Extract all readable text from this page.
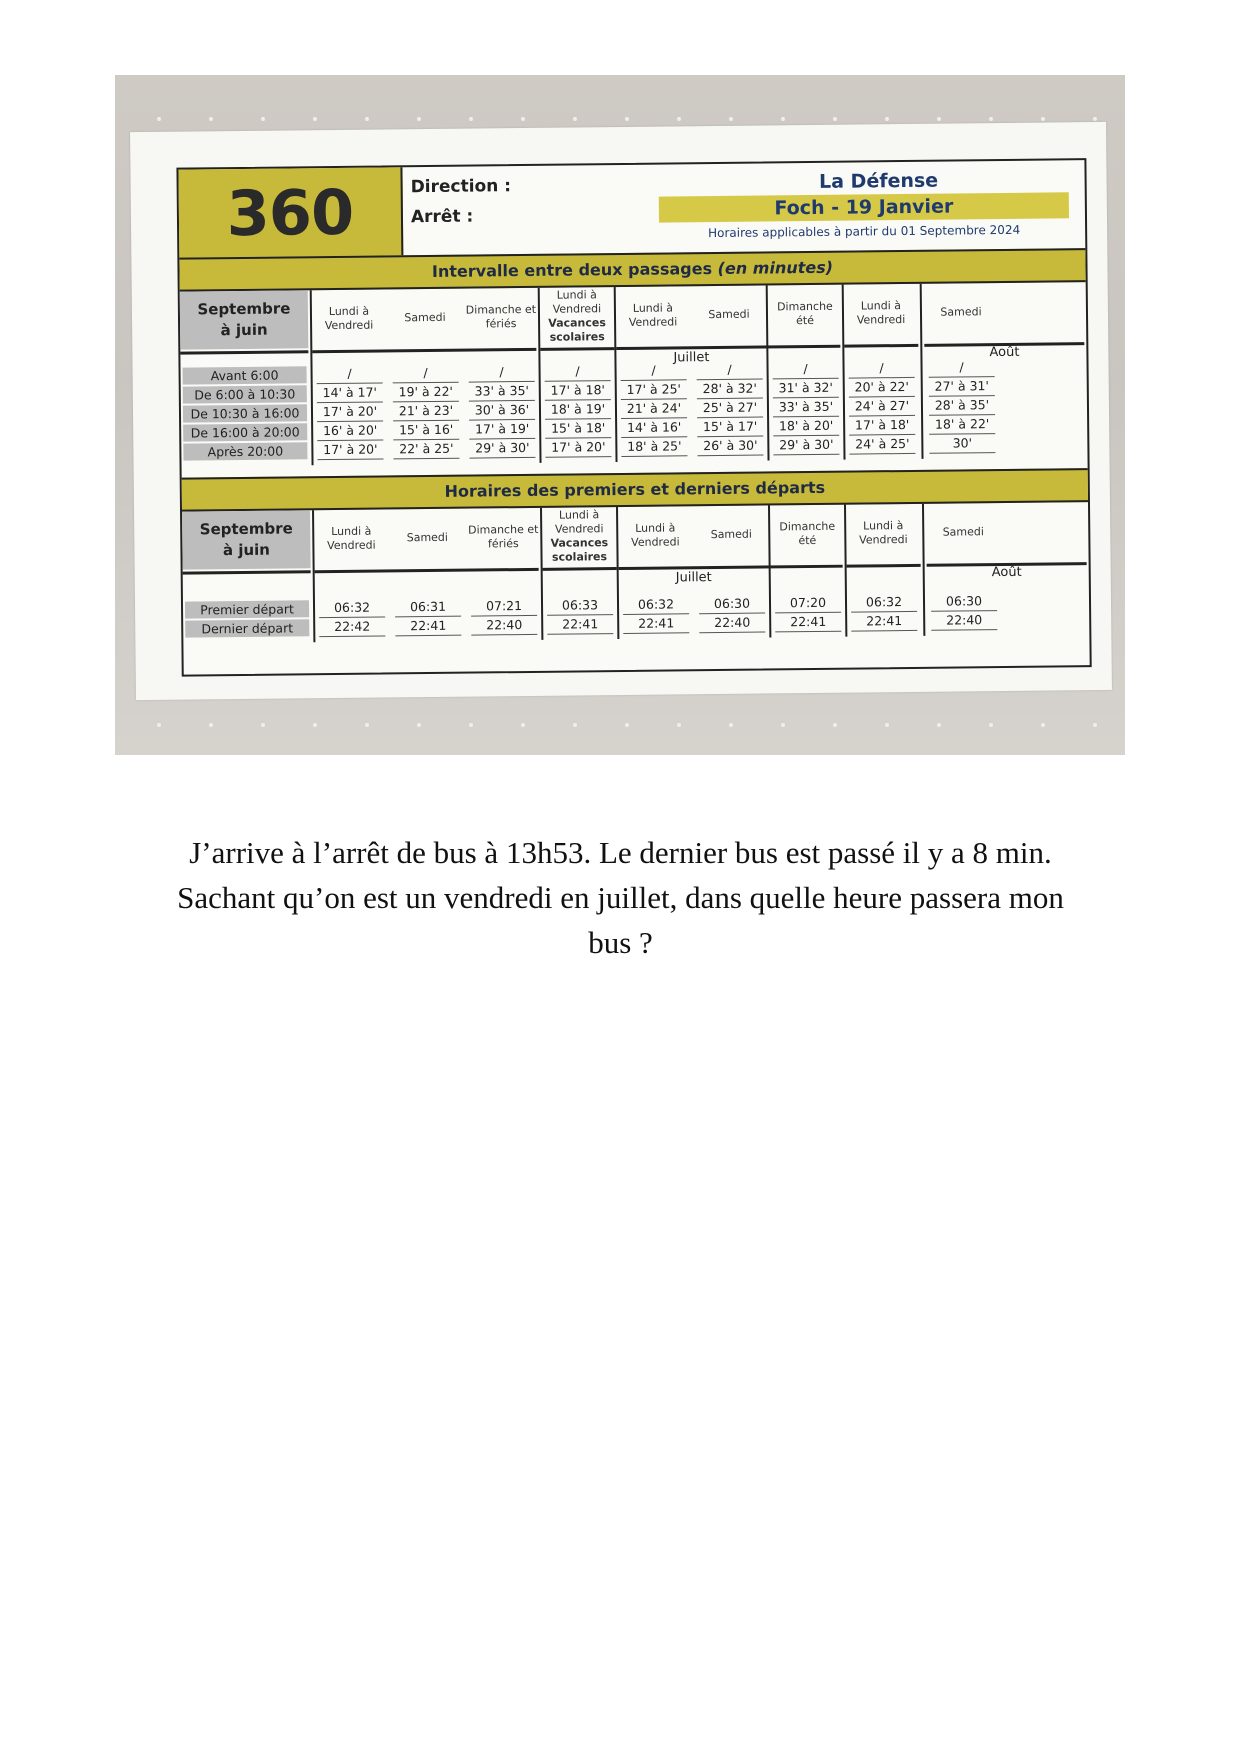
360	Direction :
Arrêt :
La Défense
Foch - 19 Janvier
Horaires applicables à partir du 01 Septembre 2024
Intervalle entre deux passages (en minutes)
Septembre
à juin
Lundi à Vendredi
Samedi
Dimanche et fériés
Lundi à Vendredi
Vacances
scolaires
Lundi à Vendredi
Samedi
Dimanche été
Lundi à Vendredi
Samedi
Juillet	Août
Avant 6:00	/	/	/	/	/	/	/	/	/
De 6:00 à 10:30	14' à 17'	19' à 22'	33' à 35'	17' à 18'	17' à 25'	28' à 32'	31' à 32'	20' à 22'	27' à 31'
De 10:30 à 16:00	17' à 20'	21' à 23'	30' à 36'	18' à 19'	21' à 24'	25' à 27'	33' à 35'	24' à 27'	28' à 35'
De 16:00 à 20:00	16' à 20'	15' à 16'	17' à 19'	15' à 18'	14' à 16'	15' à 17'	18' à 20'	17' à 18'	18' à 22'
Après 20:00	17' à 20'	22' à 25'	29' à 30'	17' à 20'	18' à 25'	26' à 30'	29' à 30'	24' à 25'	30'
Horaires des premiers et derniers départs
Septembre
à juin
Lundi à Vendredi
Samedi
Dimanche et fériés
Lundi à Vendredi
Vacances
scolaires
Lundi à Vendredi
Samedi
Dimanche été
Lundi à Vendredi
Samedi
Juillet	Août
Premier départ	06:32	06:31	07:21	06:33	06:32	06:30	07:20	06:32	06:30
Dernier départ	22:42	22:41	22:40	22:41	22:41	22:40	22:41	22:41	22:40
J’arrive à l’arrêt de bus à 13h53. Le dernier bus est passé il y a 8 min.
Sachant qu’on est un vendredi en juillet, dans quelle heure passera mon
bus ?
